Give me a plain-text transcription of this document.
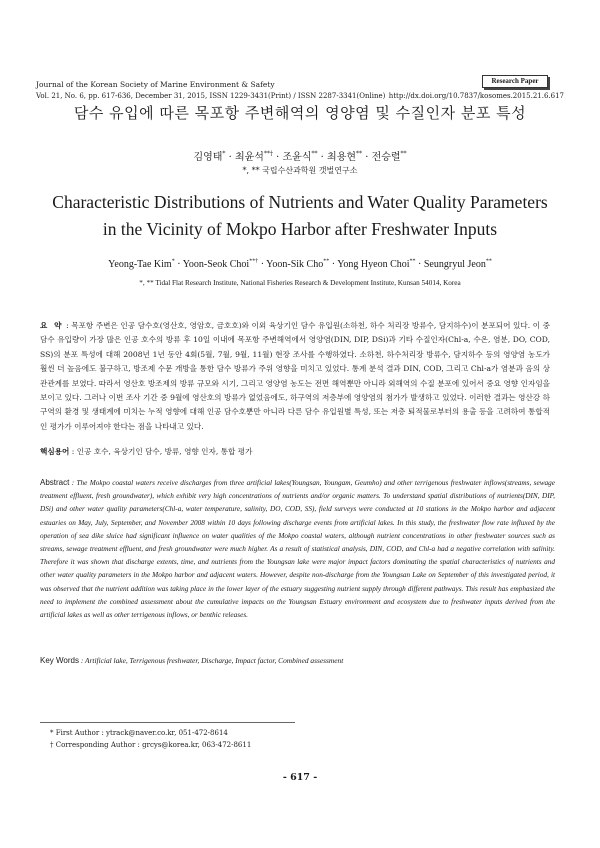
Journal of the Korean Society of Marine Environment & Safety	Research Paper
Vol. 21, No. 6, pp. 617-636, December 31, 2015, ISSN 1229-3431(Print) / ISSN 2287-3341(Online) http://dx.doi.org/10.7837/kosomes.2015.21.6.617
담수 유입에 따른 목포항 주변해역의 영양염 및 수질인자 분포 특성
김영태* · 최윤석**† · 조윤식** · 최용현** · 전승렬**
*, ** 국립수산과학원 갯벌연구소
Characteristic Distributions of Nutrients and Water Quality Parameters
in the Vicinity of Mokpo Harbor after Freshwater Inputs
Yeong-Tae Kim* · Yoon-Seok Choi**† · Yoon-Sik Cho** · Yong Hyeon Choi** · Seungryul Jeon**
*, ** Tidal Flat Research Institute, National Fisheries Research & Development Institute, Kunsan 54014, Korea
요 약 : 목포항 주변은 인공 담수호(영산호, 영암호, 금호호)와 이외 육상기인 담수 유입원(소하천, 하수 처리장 방류수, 담지하수)이 분포되어 있다. 이 중 담수 유입량이 가장 많은 인공 호수의 방류 후 10일 이내에 목포항 주변해역에서 영양염(DIN, DIP, DSi)과 기타 수질인자(Chl-a, 수온, 염분, DO, COD, SS)의 분포 특성에 대해 2008년 1년 동안 4회(5월, 7월, 9월, 11월) 현장 조사를 수행하였다. 소하천, 하수처리장 방류수, 담지하수 등의 영양염 농도가 훨씬 더 높음에도 불구하고, 방조제 수문 개방을 통한 담수 방류가 주위 영향을 미치고 있었다. 통계 분석 결과 DIN, COD, 그리고 Chl-a가 염분과 음의 상관관계를 보였다. 따라서 영산호 방조제의 방류 규모와 시기, 그리고 영양염 농도는 전면 해역뿐만 아니라 외해역의 수질 분포에 있어서 중요 영향 인자임을 보이고 있다. 그러나 이번 조사 기간 중 9월에 영산호의 방류가 없었음에도, 하구역의 저층부에 영양염의 첨가가 발생하고 있었다. 이러한 결과는 영산강 하구역의 환경 및 생태계에 미치는 누적 영향에 대해 인공 담수호뿐만 아니라 다른 담수 유입원별 특성, 또는 저층 퇴적물로부터의 용출 등을 고려하여 통합적인 평가가 이루어져야 한다는 점을 나타내고 있다.
핵심용어 : 인공 호수, 육상기인 담수, 방류, 영향 인자, 통합 평가
Abstract : The Mokpo coastal waters receive discharges from three artificial lakes(Youngsan, Youngam, Geumho) and other terrigenous freshwater inflows(streams, sewage treatment effluent, fresh groundwater), which exhibit very high concentrations of nutrients and/or organic matters. To understand spatial distributions of nutrients(DIN, DIP, DSi) and other water quality parameters(Chl-a, water temperature, salinity, DO, COD, SS), field surveys were conducted at 10 stations in the Mokpo harbor and adjacent estuaries on May, July, September, and November 2008 within 10 days following discharge events from artificial lakes. In this study, the freshwater flow rate influxed by the operation of sea dike sluice had significant influence on water qualities of the Mokpo coastal waters, although nutrient concentrations in other freshwater sources such as streams, sewage treatment effluent, and fresh groundwater were much higher. As a result of statistical analysis, DIN, COD, and Chl-a had a negative correlation with salinity. Therefore it was shown that discharge extents, time, and nutrients from the Youngsan lake were major impact factors dominating the spatial characteristics of nutrients and other water quality parameters in the Mokpo harbor and adjacent waters. However, despite non-discharge from the Youngsan Lake on September of this investigated period, it was observed that the nutrient addition was taking place in the lower layer of the estuary suggesting nutrient supply through different pathways. This result has emphasized the need to implement the combined assessment about the cumulative impacts on the Youngsan Estuary environment and ecosystem due to freshwater inputs derived from the artificial lakes as well as other terrigenous inflows, or benthic releases.
Key Words : Artificial lake, Terrigenous freshwater, Discharge, Impact factor, Combined assessment
* First Author : ytrack@naver.co.kr, 051-472-8614
† Corresponding Author : grcys@korea.kr, 063-472-8611
- 617 -
